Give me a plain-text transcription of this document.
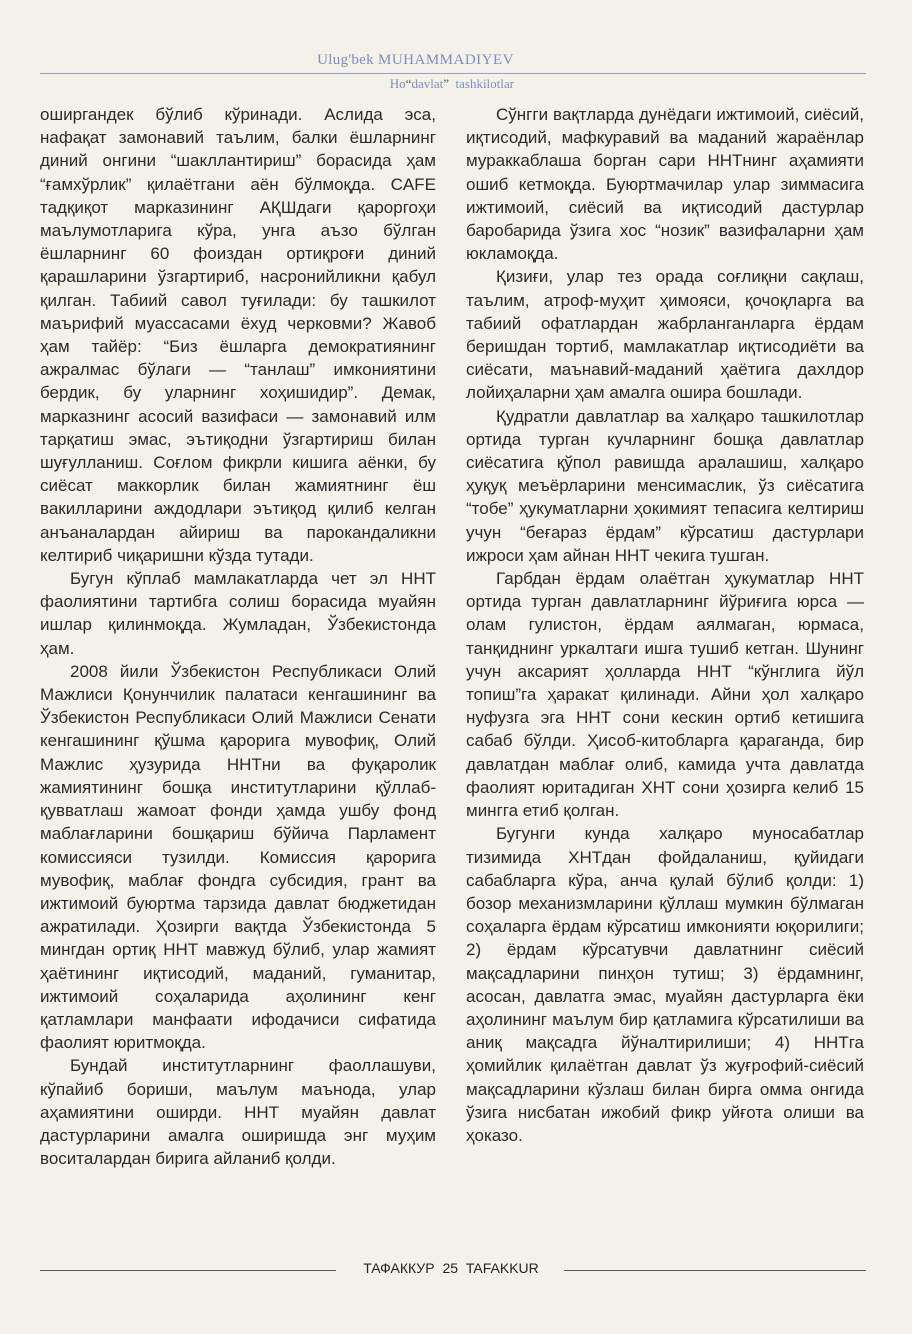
Ulug'bek MUHAMMADIYEV
Ho“davlat” tashkilotlar

оширгандек бўлиб кўринади. Аслида эса, нафақат замонавий таълим, балки ёшларнинг диний онгини “шакллантириш” борасида ҳам “ғамхўрлик” қилаётгани аён бўлмоқда. CAFE тадқиқот марказининг АҚШдаги қароргоҳи маълумотларига кўра, унга аъзо бўлган ёшларнинг 60 фоиздан ортиқроғи диний қарашларини ўзгартириб, насронийликни қабул қилган. Табиий савол туғилади: бу ташкилот маърифий муассасами ёхуд черковми? Жавоб ҳам тайёр: “Биз ёшларга демократиянинг ажралмас бўлаги — “танлаш” имкониятини бердик, бу уларнинг хоҳишидир”. Демак, марказнинг асосий вазифаси — замонавий илм тарқатиш эмас, эътиқодни ўзгартириш билан шуғулланиш. Соғлом фикрли кишига аёнки, бу сиёсат маккорлик билан жамиятнинг ёш вакилларини аждодлари эътиқод қилиб келган анъаналардан айириш ва парокандаликни келтириб чиқаришни кўзда тутади.

Бугун кўплаб мамлакатларда чет эл ННТ фаолиятини тартибга солиш борасида муайян ишлар қилинмоқда. Жумладан, Ўзбекистонда ҳам.

2008 йили Ўзбекистон Республикаси Олий Мажлиси Қонунчилик палатаси кенгашининг ва Ўзбекистон Республикаси Олий Мажлиси Сенати кенгашининг қўшма қарорига мувофиқ, Олий Мажлис ҳузурида ННТни ва фуқаролик жамиятининг бошқа институтларини қўллаб-қувватлаш жамоат фонди ҳамда ушбу фонд маблағларини бошқариш бўйича Парламент комиссияси тузилди. Комиссия қарорига мувофиқ, маблағ фондга субсидия, грант ва ижтимоий буюртма тарзида давлат бюджетидан ажратилади. Ҳозирги вақтда Ўзбекистонда 5 мингдан ортиқ ННТ мавжуд бўлиб, улар жамият ҳаётининг иқтисодий, маданий, гуманитар, ижтимоий соҳаларида аҳолининг кенг қатламлари манфаати ифодачиси сифатида фаолият юритмоқда.

Бундай институтларнинг фаоллашуви, кўпайиб бориши, маълум маънода, улар аҳамиятини оширди. ННТ муайян давлат дастурларини амалга оширишда энг муҳим воситалардан бирига айланиб қолди.

Сўнгги вақтларда дунёдаги ижтимоий, сиёсий, иқтисодий, мафкуравий ва маданий жараёнлар мураккаблаша борган сари ННТнинг аҳамияти ошиб кетмоқда. Буюртмачилар улар зиммасига ижтимоий, сиёсий ва иқтисодий дастурлар баробарида ўзига хос “нозик” вазифаларни ҳам юкламоқда.

Қизиғи, улар тез орада соғлиқни сақлаш, таълим, атроф-муҳит ҳимояси, қочоқларга ва табиий офатлардан жабрланганларга ёрдам беришдан тортиб, мамлакатлар иқтисодиёти ва сиёсати, маънавий-маданий ҳаётига дахлдор лойиҳаларни ҳам амалга ошира бошлади.

Қудратли давлатлар ва халқаро ташкилотлар ортида турган кучларнинг бошқа давлатлар сиёсатига қўпол равишда аралашиш, халқаро ҳуқуқ меъёрларини менсимаслик, ўз сиёсатига “тобе” ҳукуматларни ҳокимият тепасига келтириш учун “беғараз ёрдам” кўрсатиш дастурлари ижроси ҳам айнан ННТ чекига тушган.

Гарбдан ёрдам олаётган ҳукуматлар ННТ ортида турган давлатларнинг йўриғига юрса — олам гулистон, ёрдам аялмаган, юрмаса, танқиднинг уркалтаги ишга тушиб кетган. Шунинг учун аксарият ҳолларда ННТ “кўнглига йўл топиш”га ҳаракат қилинади. Айни ҳол халқаро нуфузга эга ННТ сони кескин ортиб кетишига сабаб бўлди. Ҳисоб-китобларга қараганда, бир давлатдан маблағ олиб, камида учта давлатда фаолият юритадиган ХНТ сони ҳозирга келиб 15 мингга етиб қолган.

Бугунги кунда халқаро муносабатлар тизимида ХНТдан фойдаланиш, қуйидаги сабабларга кўра, анча қулай бўлиб қолди: 1) бозор механизмларини қўллаш мумкин бўлмаган соҳаларга ёрдам кўрсатиш имконияти юқорилиги; 2) ёрдам кўрсатувчи давлатнинг сиёсий мақсадларини пинҳон тутиш; 3) ёрдамнинг, асосан, давлатга эмас, муайян дастурларга ёки аҳолининг маълум бир қатламига кўрсатилиши ва аниқ мақсадга йўналтирилиши; 4) ННТга ҳомийлик қилаётган давлат ўз жуғрофий-сиёсий мақсадларини кўзлаш билан бирга омма онгида ўзига нисбатан ижобий фикр уйғота олиши ва ҳоказо.

ТАФАККУР 25 TAFAKKUR
